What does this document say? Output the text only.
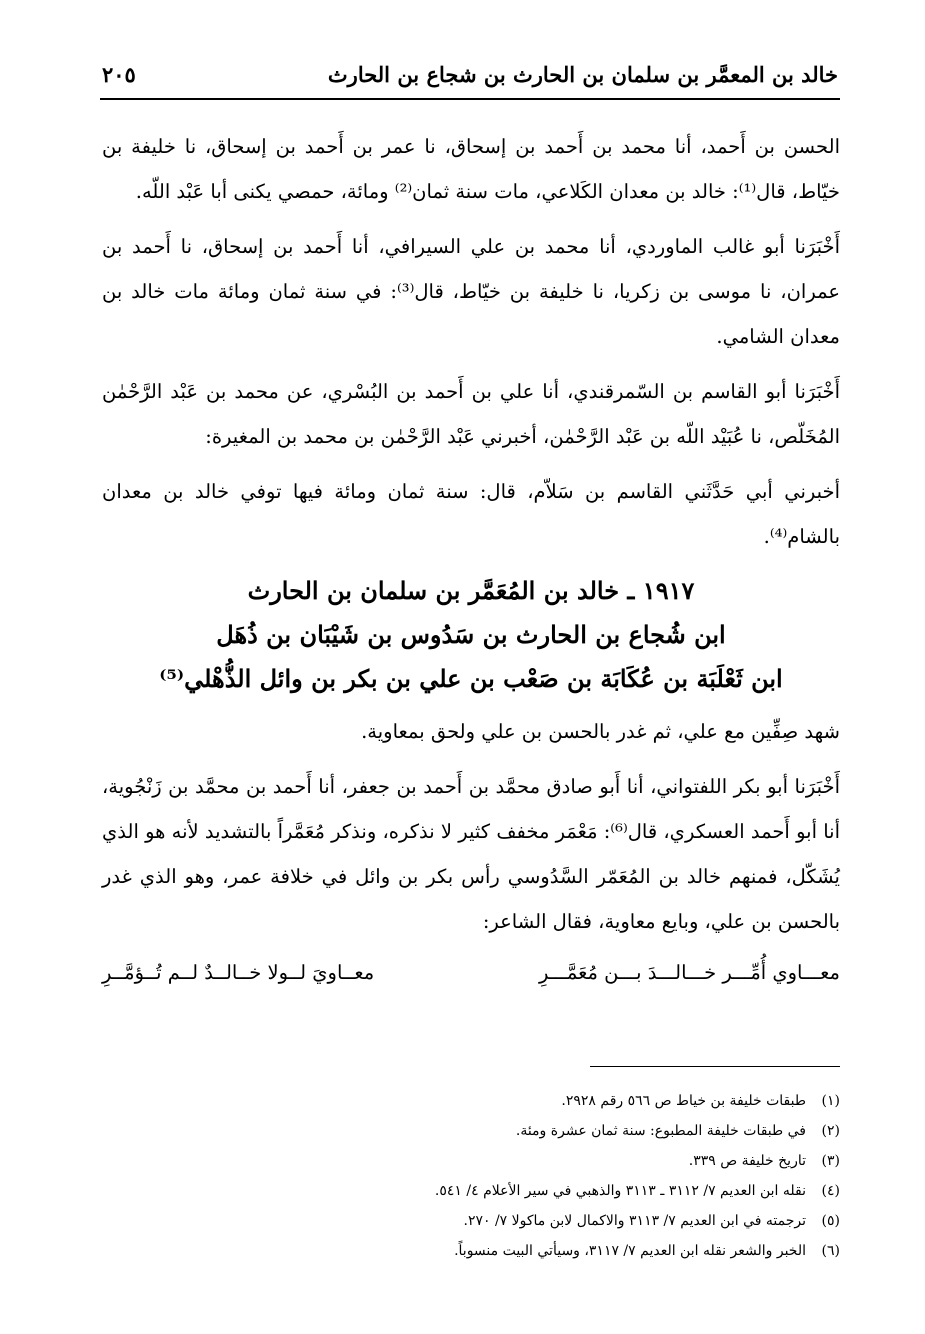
خالد بن المعمَّر بن سلمان بن الحارث بن شجاع بن الحارث
٢٠٥

الحسن بن أَحمد، أنا محمد بن أَحمد بن إسحاق، نا عمر بن أَحمد بن إسحاق، نا خليفة بن خيّاط، قال⁽¹⁾: خالد بن معدان الكَلاعي، مات سنة ثمان⁽²⁾ ومائة، حمصي يكنى أبا عَبْد اللّه.

أَخْبَرَنا أبو غالب الماوردي، أنا محمد بن علي السيرافي، أنا أَحمد بن إسحاق، نا أَحمد بن عمران، نا موسى بن زكريا، نا خليفة بن خيّاط، قال⁽³⁾: في سنة ثمان ومائة مات خالد بن معدان الشامي.

أَخْبَرَنا أبو القاسم بن السّمرقندي، أنا علي بن أَحمد بن البُسْري، عن محمد بن عَبْد الرَّحْمٰن المُخَلّص، نا عُبَيْد اللّه بن عَبْد الرَّحْمٰن، أخبرني عَبْد الرَّحْمٰن بن محمد بن المغيرة:

أخبرني أبي حَدَّثَني القاسم بن سَلاّم، قال: سنة ثمان ومائة فيها توفي خالد بن معدان بالشام⁽⁴⁾.

١٩١٧ ـ خالد بن المُعَمَّر بن سلمان بن الحارث
ابن شُجاع بن الحارث بن سَدُوس بن شَيْبَان بن ذُهَل
ابن ثَعْلَبَة بن عُكَابَة بن صَعْب بن علي بن بكر بن وائل الذُّهْلي⁽⁵⁾

شهد صِفِّين مع علي، ثم غدر بالحسن بن علي ولحق بمعاوية.

أَخْبَرَنا أبو بكر اللفتواني، أنا أَبو صادق محمَّد بن أَحمد بن جعفر، أنا أَحمد بن محمَّد بن زَنْجُوية، أنا أبو أَحمد العسكري، قال⁽⁶⁾: مَعْمَر مخفف كثير لا نذكره، ونذكر مُعَمَّراً بالتشديد لأنه هو الذي يُشَكّل، فمنهم خالد بن المُعَمّر السَّدُوسي رأس بكر بن وائل في خلافة عمر، وهو الذي غدر بالحسن بن علي، وبايع معاوية، فقال الشاعر:

معـــاوي أُمِّـــر خـــالـــدَ بـــن مُعَمَّـــرِ
معــاويَ لــولا خــالــدٌ لــم تُــؤمَّــرِ
(١)طبقات خليفة بن خياط ص ٥٦٦ رقم ٢٩٢٨.
(٢)في طبقات خليفة المطبوع: سنة ثمان عشرة ومئة.
(٣)تاريخ خليفة ص ٣٣٩.
(٤)نقله ابن العديم ٧/ ٣١١٢ ـ ٣١١٣ والذهبي في سير الأعلام ٤/ ٥٤١.
(٥)ترجمته في ابن العديم ٧/ ٣١١٣ والاكمال لابن ماكولا ٧/ ٢٧٠.
(٦)الخبر والشعر نقله ابن العديم ٧/ ٣١١٧، وسيأتي البيت منسوباً.
